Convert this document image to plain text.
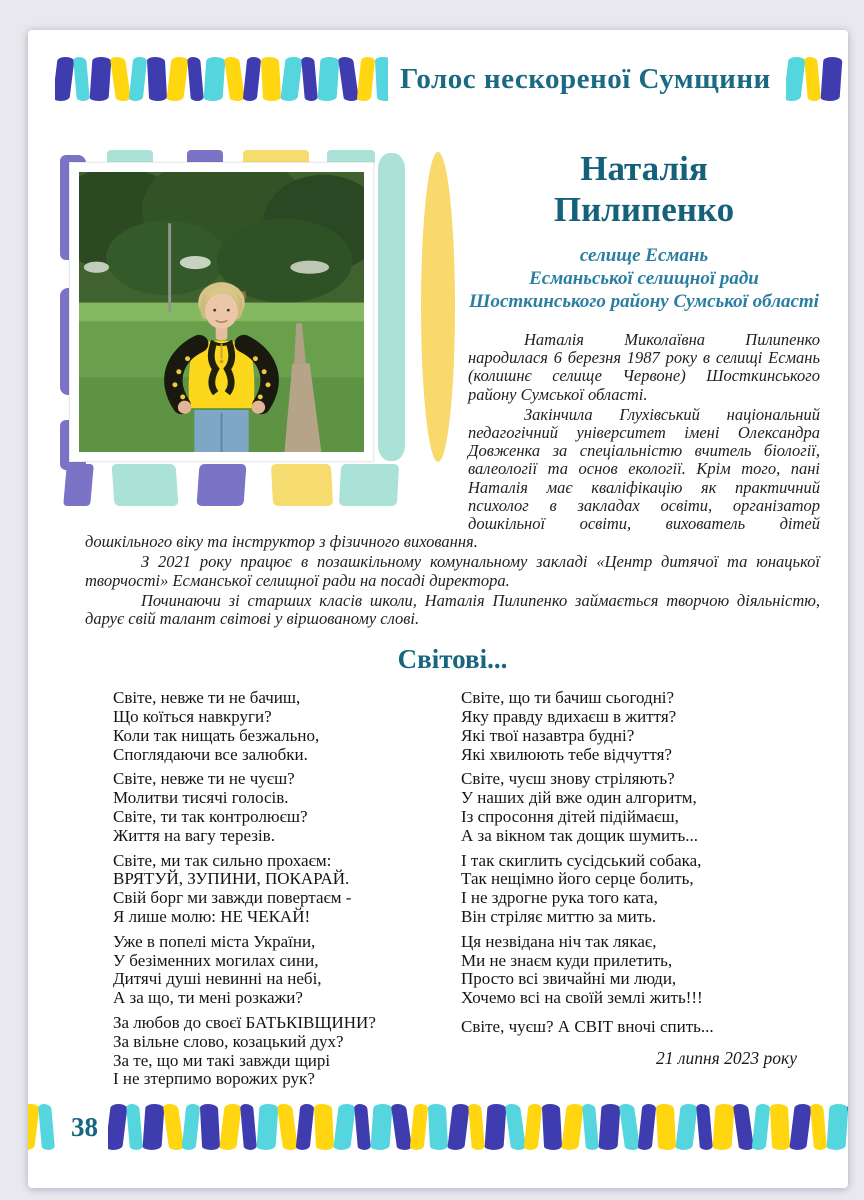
Голос нескореної Сумщини
Наталія
Пилипенко
селище Есмань
Есманьської селищної ради
Шосткинського району Сумської області

Наталія Миколаївна Пилипенко народилася 6 березня 1987 року в селищі Есмань (колишнє селище Червоне) Шосткинського району Сумської області.

Закінчила Глухівський національний педагогічний університет імені Олександра Довженка за спеціальністю вчитель біології, валеології та основ екології. Крім того, пані Наталія має кваліфікацію як практичний психолог в закладах освіти, організатор дошкільної освіти, вихователь дітей дошкільного віку та інструктор з фізичного виховання.

З 2021 року працює в позашкільному комунальному закладі «Центр дитячої та юнацької творчості» Есманської селищної ради на посаді директора.

Починаючи зі старших класів школи, Наталія Пилипенко займається творчою діяльністю, дарує свій талант світові у віршованому слові.

Світові...
Світе, невже ти не бачиш,
Що коїться навкруги?
Коли так нищать безжально,
Споглядаючи все залюбки.
Світе, невже ти не чуєш?
Молитви тисячі голосів.
Світе, ти так контролюєш?
Життя на вагу терезів.
Світе, ми так сильно прохаєм:
ВРЯТУЙ, ЗУПИНИ, ПОКАРАЙ.
Свій борг ми завжди повертаєм -
Я лише молю: НЕ ЧЕКАЙ!
Уже в попелі міста України,
У безіменних могилах сини,
Дитячі душі невинні на небі,
А за що, ти мені розкажи?
За любов до своєї БАТЬКІВЩИНИ?
За вільне слово, козацький дух?
За те, що ми такі завжди щирі
І не зтерпимо ворожих рук?
Світе, що ти бачиш сьогодні?
Яку правду вдихаєш в життя?
Які твої назавтра будні?
Які хвилюють тебе відчуття?
Світе, чуєш знову стріляють?
У наших дій вже один алгоритм,
Із спросоння дітей підіймаєш,
А за вікном так дощик шумить...
І так скиглить сусідський собака,
Так нещімно його серце болить,
І не здрогне рука того ката,
Він стріляє миттю за мить.
Ця незвідана ніч так лякає,
Ми не знаєм куди прилетить,
Просто всі звичайні ми люди,
Хочемо всі на своїй землі жить!!!
Світе, чуєш? А СВІТ вночі спить...
21 липня 2023 року
38
